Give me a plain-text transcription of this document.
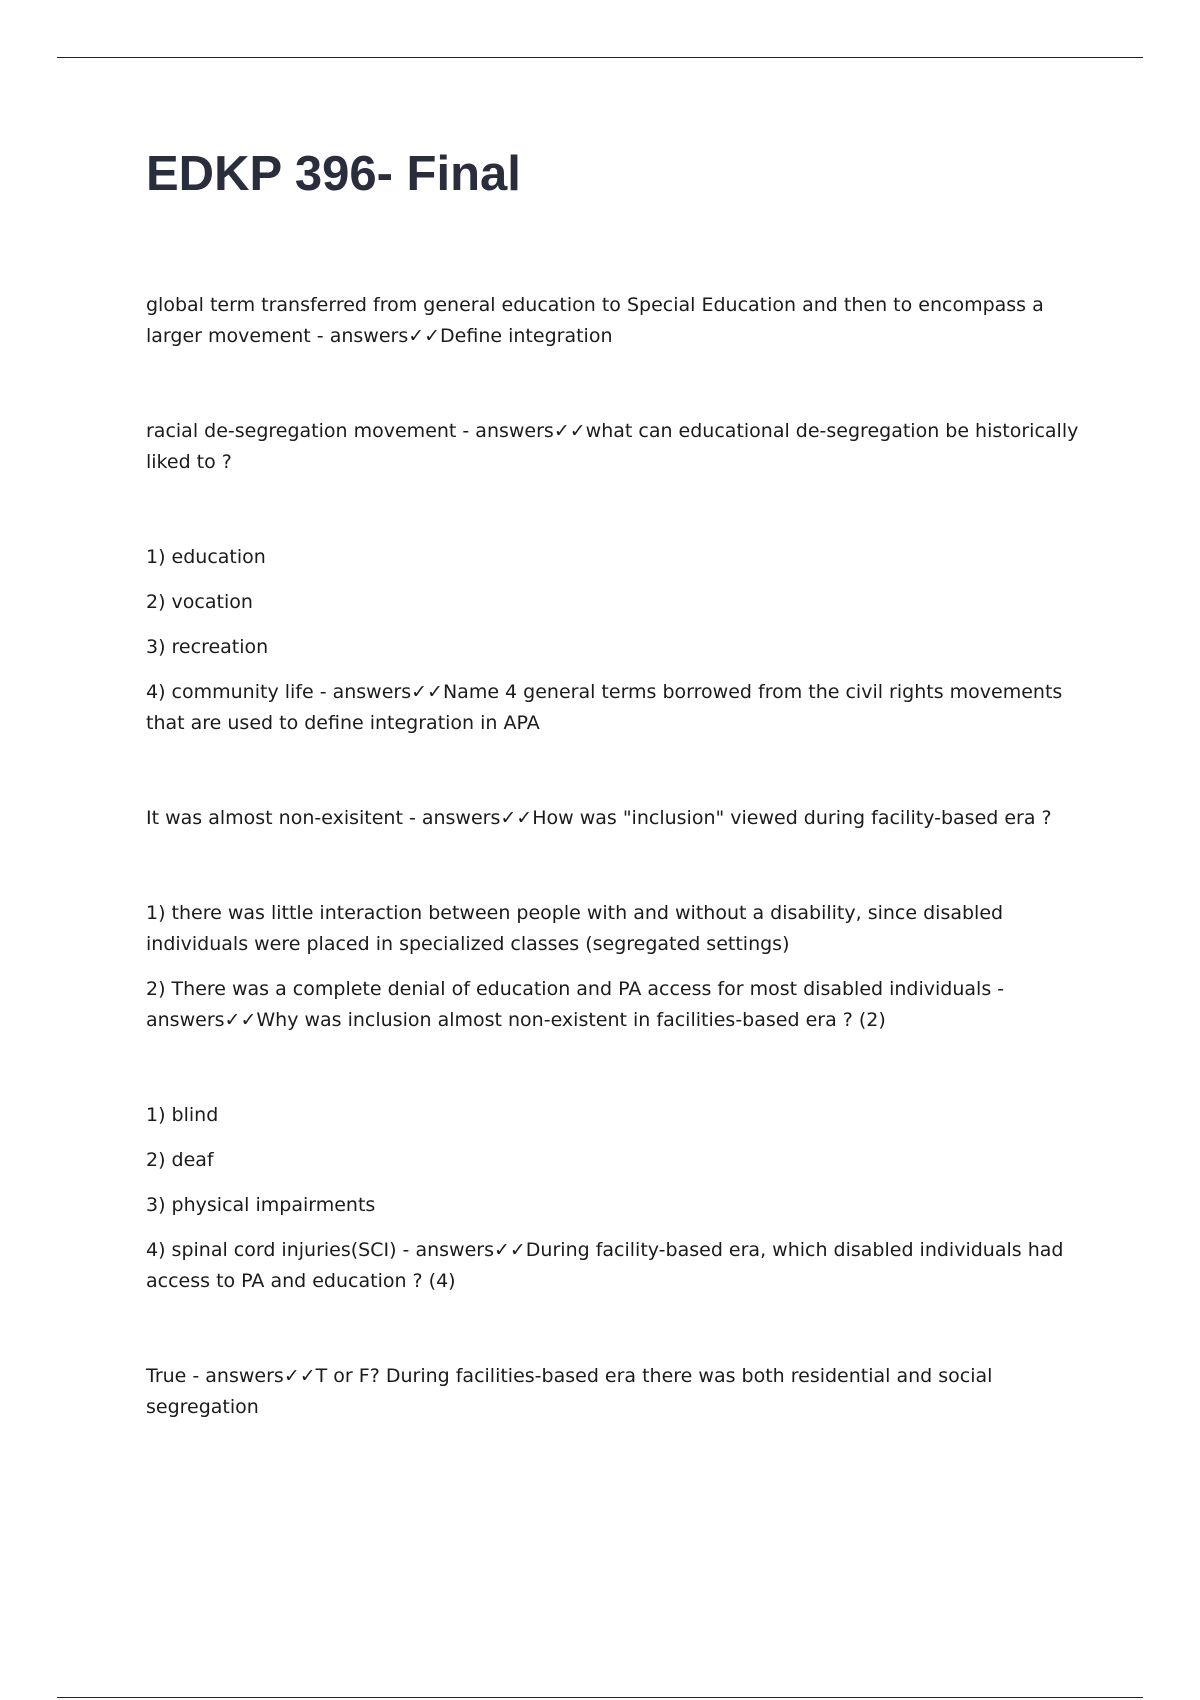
EDKP 396- Final

global term transferred from general education to Special Education and then to encompass a larger movement - answers✓✓Define integration

racial de-segregation movement - answers✓✓what can educational de-segregation be historically liked to ?

1) education

2) vocation

3) recreation

4) community life - answers✓✓Name 4 general terms borrowed from the civil rights movements that are used to define integration in APA

It was almost non-exisitent - answers✓✓How was "inclusion" viewed during facility-based era ?

1) there was little interaction between people with and without a disability, since disabled individuals were placed in specialized classes (segregated settings)

2) There was a complete denial of education and PA access for most disabled individuals - answers✓✓Why was inclusion almost non-existent in facilities-based era ? (2)

1) blind

2) deaf

3) physical impairments

4) spinal cord injuries(SCI) - answers✓✓During facility-based era, which disabled individuals had access to PA and education ? (4)

True - answers✓✓T or F? During facilities-based era there was both residential and social segregation
